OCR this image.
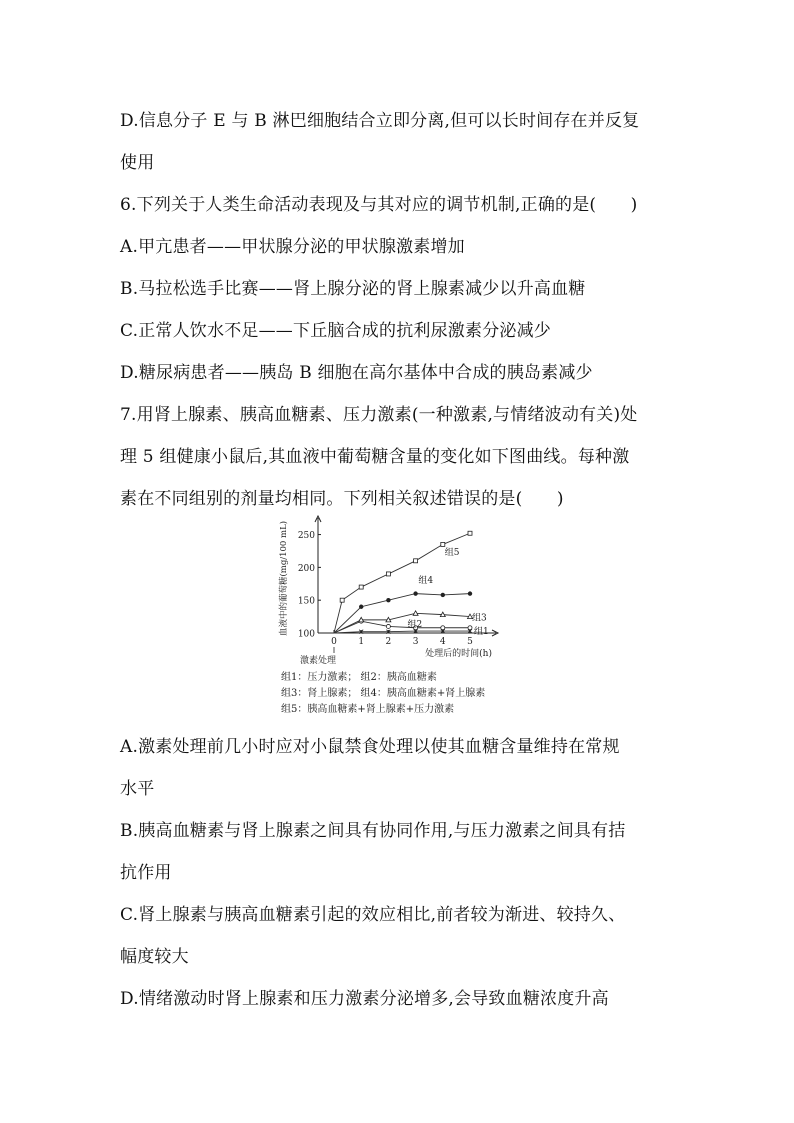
D.信息分子 E 与 B 淋巴细胞结合立即分离,但可以长时间存在并反复
使用
6.下列关于人类生命活动表现及与其对应的调节机制,正确的是(　　)
A.甲亢患者——甲状腺分泌的甲状腺激素增加
B.马拉松选手比赛——肾上腺分泌的肾上腺素减少以升高血糖
C.正常人饮水不足——下丘脑合成的抗利尿激素分泌减少
D.糖尿病患者——胰岛 B 细胞在高尔基体中合成的胰岛素减少
7.用肾上腺素、胰高血糖素、压力激素(一种激素,与情绪波动有关)处
理 5 组健康小鼠后,其血液中葡萄糖含量的变化如下图曲线。每种激
素在不同组别的剂量均相同。下列相关叙述错误的是(　　)
100
150
200
250
0 1 2 3 4 5
血液中的葡萄糖(mg/100 mL)
处理后的时间(h)
激素处理
组1
组2
组3
组4
组5
组1：压力激素； 组2：胰高血糖素
组3：肾上腺素； 组4：胰高血糖素+肾上腺素
组5：胰高血糖素+肾上腺素+压力激素
A.激素处理前几小时应对小鼠禁食处理以使其血糖含量维持在常规
水平
B.胰高血糖素与肾上腺素之间具有协同作用,与压力激素之间具有拮
抗作用
C.肾上腺素与胰高血糖素引起的效应相比,前者较为渐进、较持久、
幅度较大
D.情绪激动时肾上腺素和压力激素分泌增多,会导致血糖浓度升高
